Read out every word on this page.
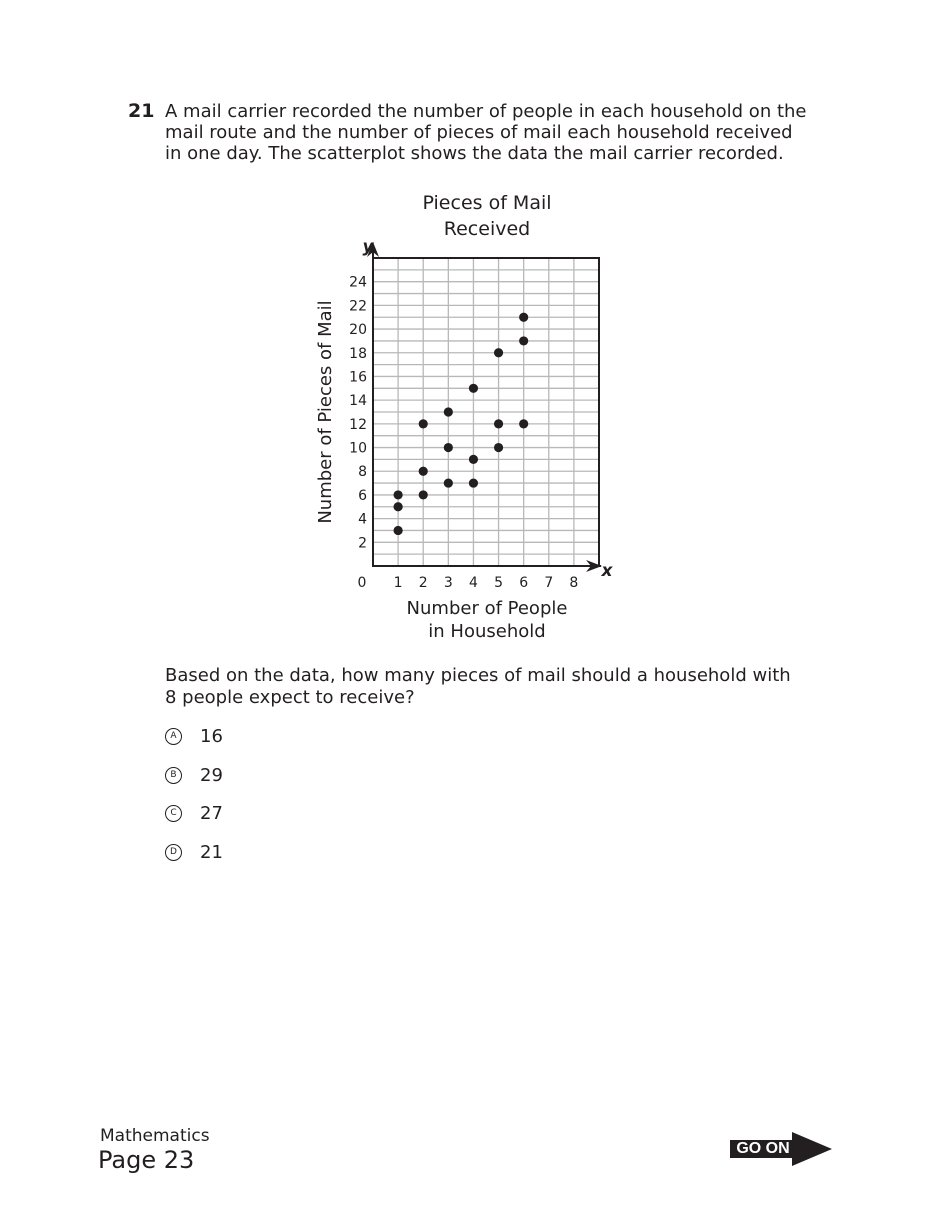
21 A mail carrier recorded the number of people in each household on the
mail route and the number of pieces of mail each household received
in one day. The scatterplot shows the data the mail carrier recorded.
Pieces of Mail
Received
1 2 3 4 5 6 7 8
2
4
6
8
10
12
14
16
18
20
22
24
y
x
0
Number of Pieces of Mail
Number of People
in Household
Based on the data, how many pieces of mail should a household with
8 people expect to receive?
A	16
B	29
C 27
D 21
Mathematics
Page 23	GO ON
